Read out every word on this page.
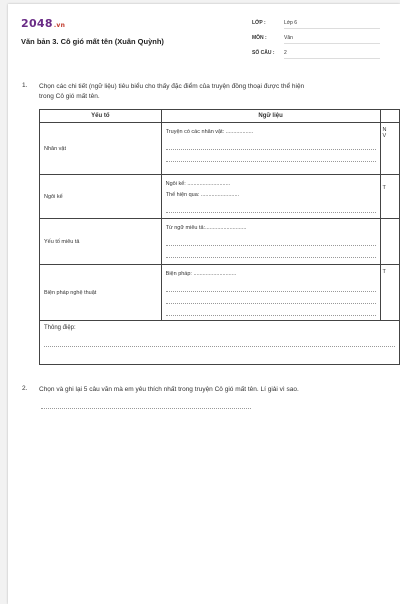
2048.vn
Văn bản 3. Cô gió mất tên (Xuân Quỳnh)
LỚP :	Lớp 6
MÔN :	Văn
SỐ CÂU : 2
1. Chọn các chi tiết (ngữ liệu) tiêu biểu cho thấy đặc điểm của truyện đồng thoại được thể hiện
trong Cô gió mất tên.
Yếu tố	Ngữ liệu	
Nhân vật	Truyện có các nhân vật: ..................	N
V

Ngôi kể	Ngôi kể: ............................
Thể hiện qua: .........................	T

Yếu tố miêu tả	Từ ngữ miêu tả:...........................	

Biện pháp nghệ thuật	Biện pháp: ............................	T

Thông điệp:		
2. Chọn và ghi lại 5 câu văn mà em yêu thích nhất trong truyện Cô gió mất tên. Lí giải vì sao.
